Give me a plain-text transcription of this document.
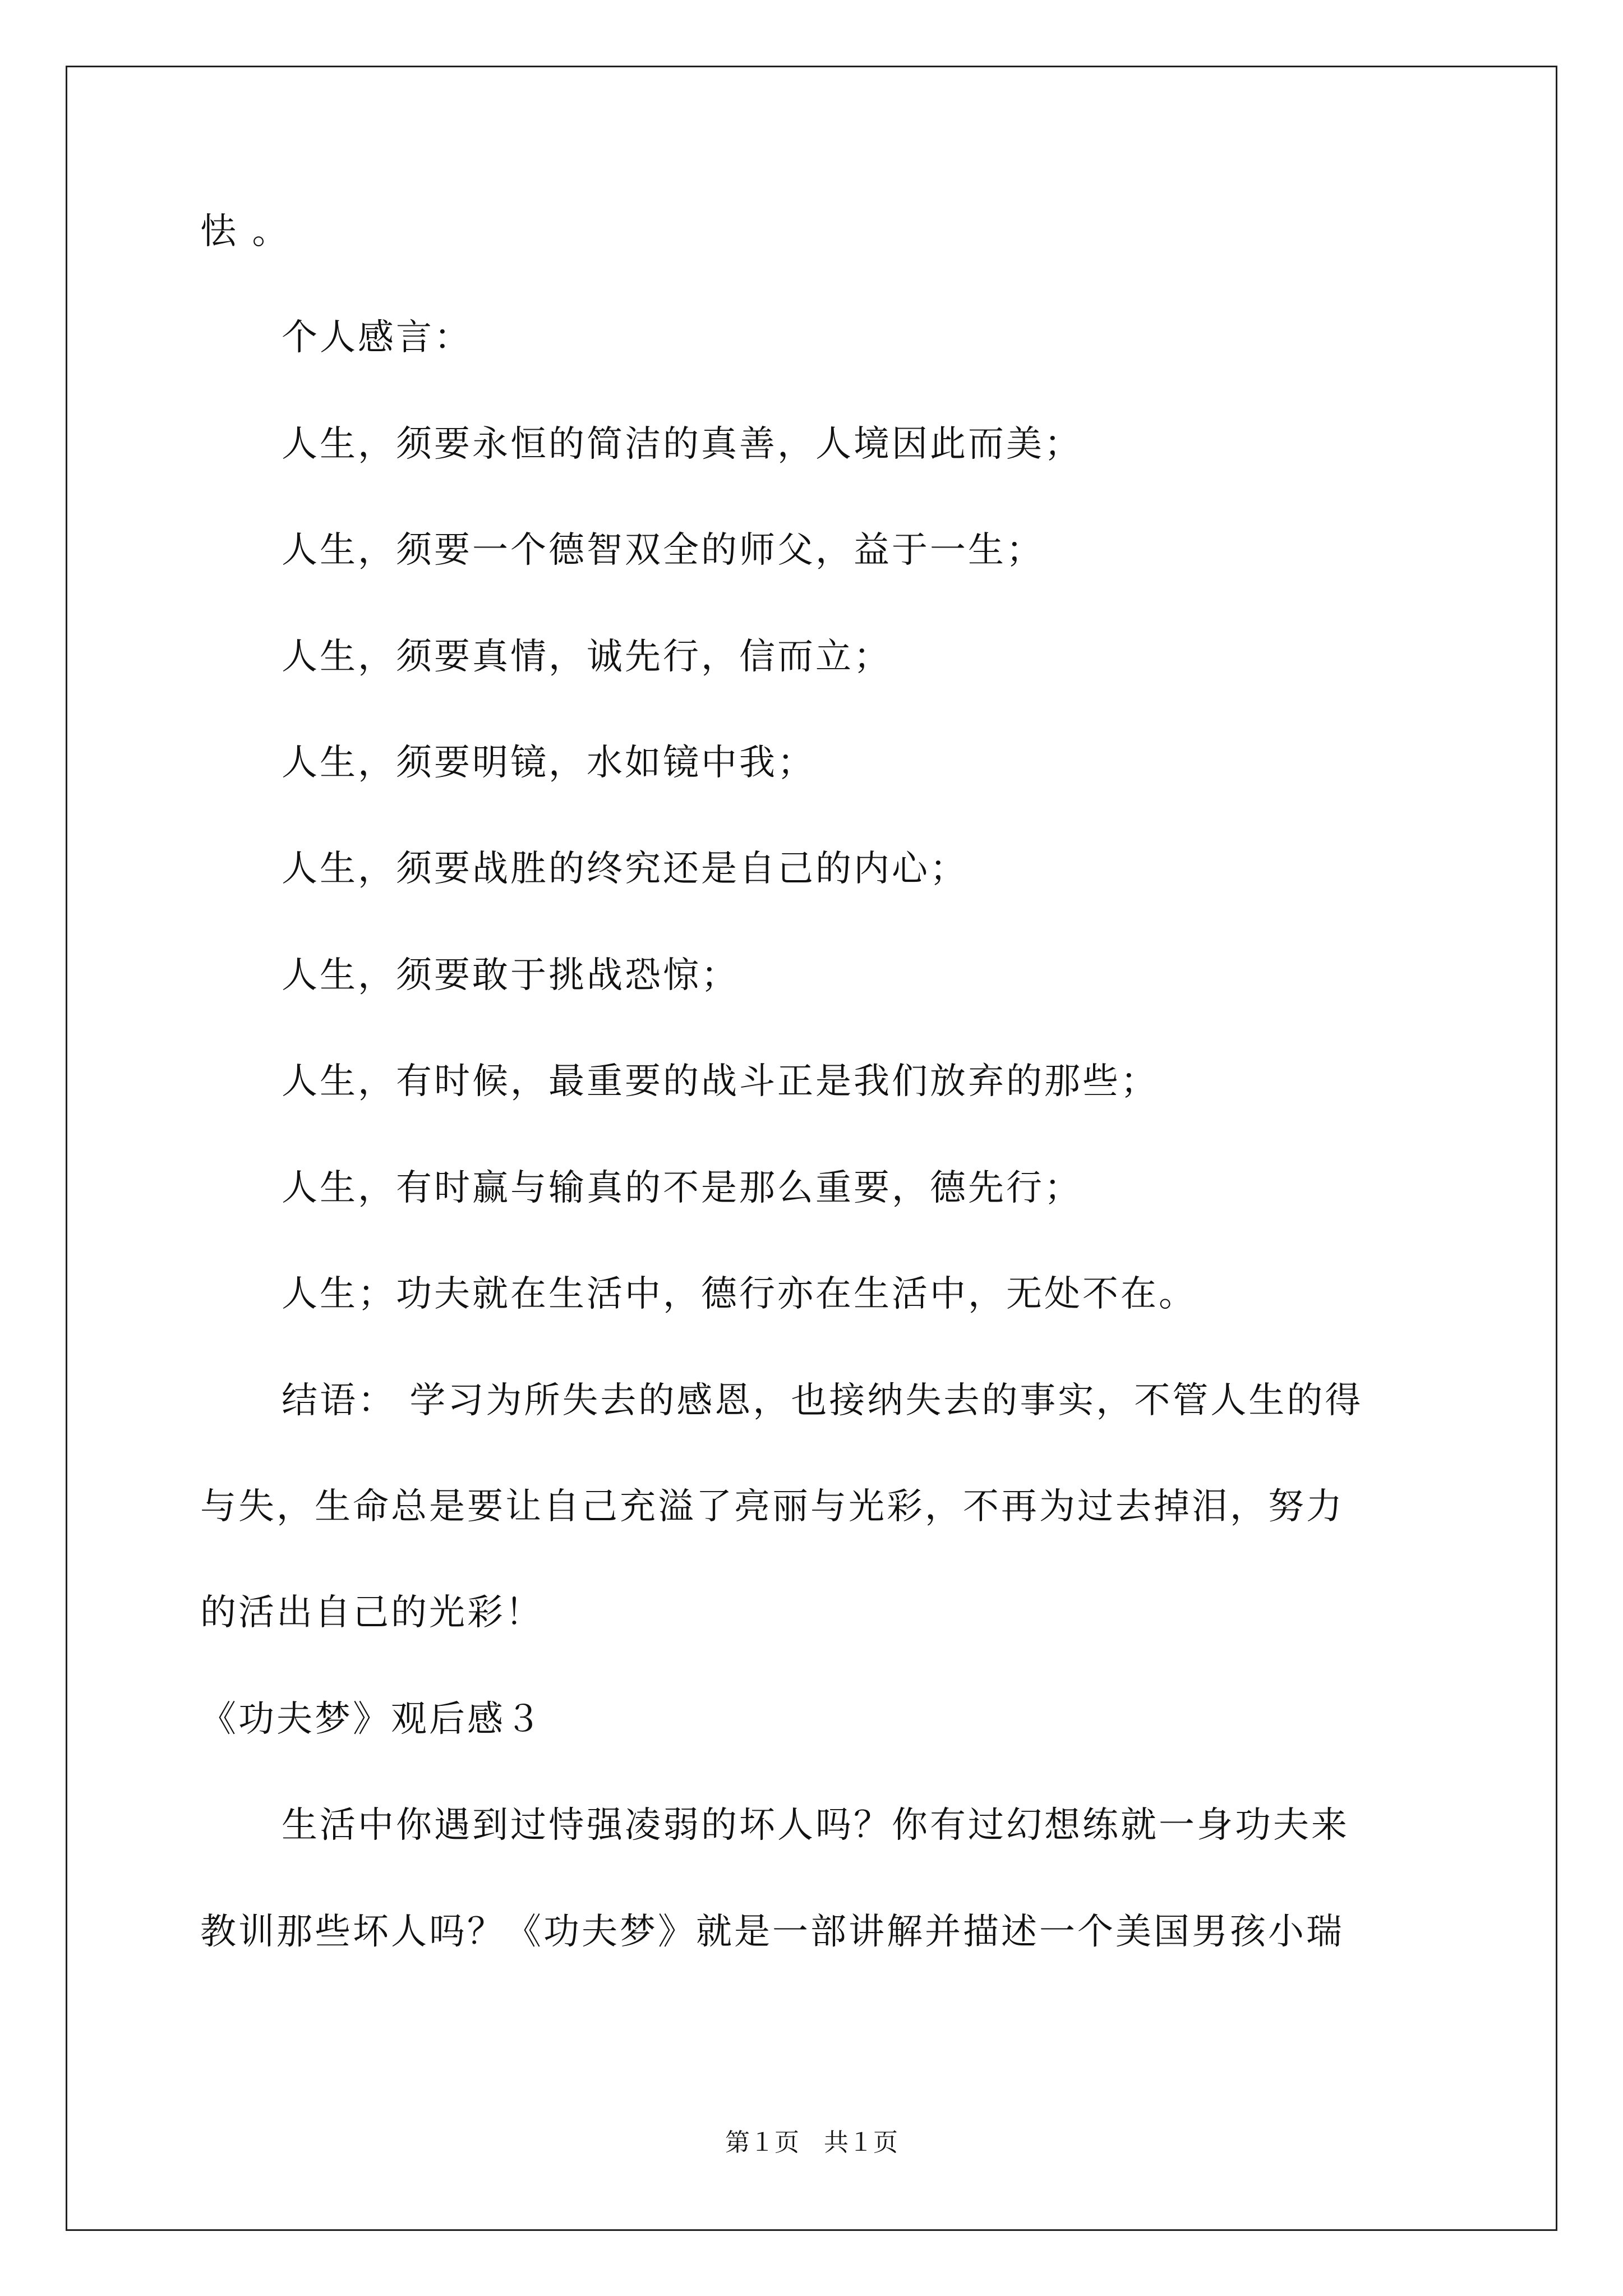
怯 。
个人感言：
人生，须要永恒的简洁的真善，人境因此而美；
人生，须要一个德智双全的师父，益于一生；
人生，须要真情，诚先行，信而立；
人生，须要明镜，水如镜中我；
人生，须要战胜的终究还是自己的内心；
人生，须要敢于挑战恐惊；
人生，有时候，最重要的战斗正是我们放弃的那些；
人生，有时赢与输真的不是那么重要，德先行；
人生；功夫就在生活中，德行亦在生活中，无处不在。
结语： 学习为所失去的感恩，也接纳失去的事实，不管人生的得
与失，生命总是要让自己充溢了亮丽与光彩，不再为过去掉泪，努力
的活出自己的光彩！
《功夫梦》观后感３
生活中你遇到过恃强凌弱的坏人吗？你有过幻想练就一身功夫来
教训那些坏人吗？《功夫梦》就是一部讲解并描述一个美国男孩小瑞
第１页　共１页
